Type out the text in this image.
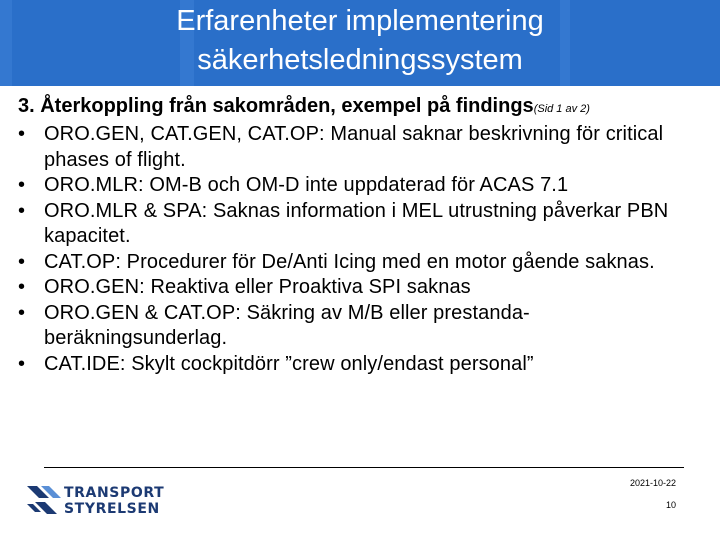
Erfarenheter implementering
säkerhetsledningssystem
3. Återkoppling från sakområden, exempel på findings(Sid 1 av 2)
• ORO.GEN, CAT.GEN, CAT.OP: Manual saknar beskrivning för critical phases of flight.
• ORO.MLR: OM-B och OM-D inte uppdaterad för ACAS 7.1
• ORO.MLR & SPA: Saknas information i MEL utrustning påverkar PBN kapacitet.
• CAT.OP: Procedurer för De/Anti Icing med en motor gående saknas.
• ORO.GEN: Reaktiva eller Proaktiva SPI saknas
• ORO.GEN & CAT.OP: Säkring av M/B eller prestanda-beräkningsunderlag.
• CAT.IDE: Skylt cockpitdörr ”crew only/endast personal”
TRANSPORT
STYRELSEN
2021-10-22
10
